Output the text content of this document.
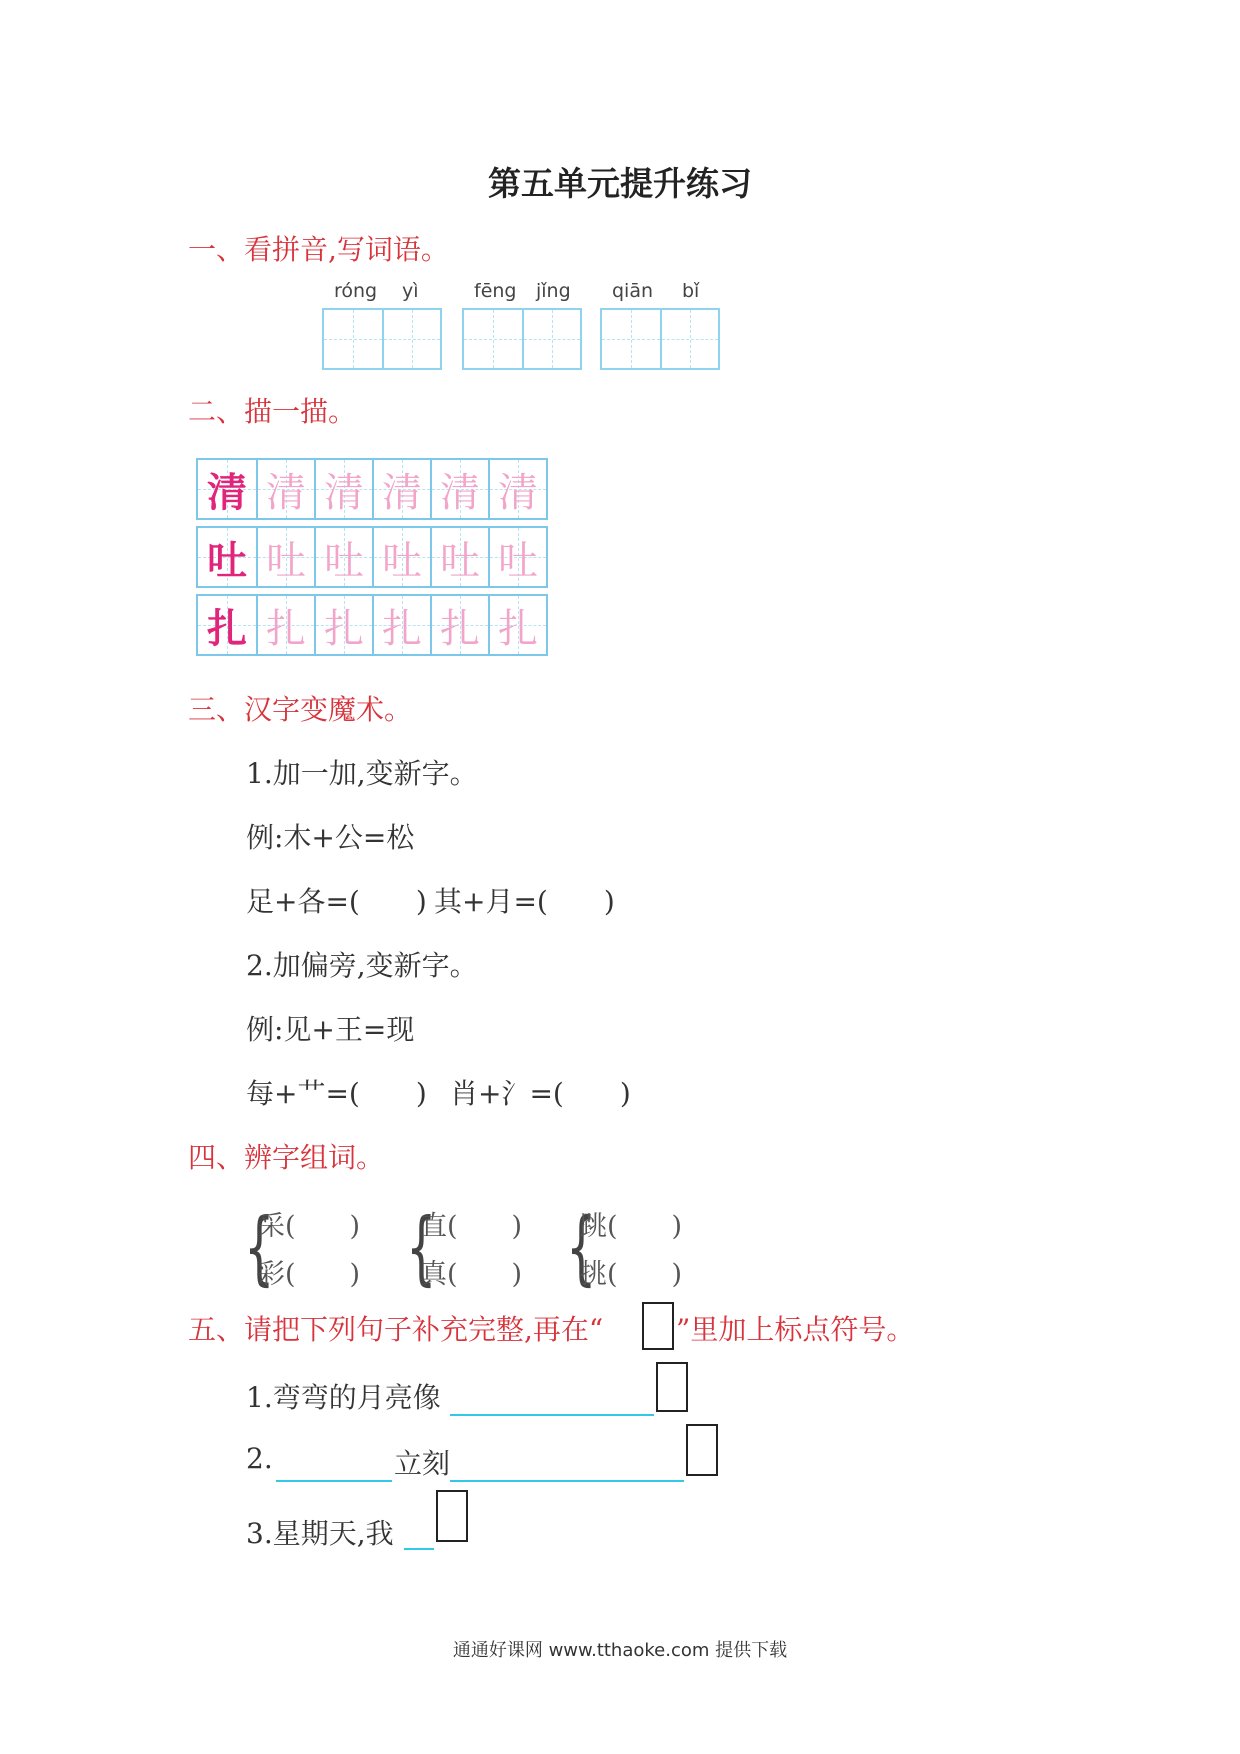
第五单元提升练习
一、看拼音,写词语。
róng yì	fēng jǐng qiān bǐ
二、描一描。
清 清 清 清 清 清
吐 吐 吐 吐 吐 吐
扎 扎 扎 扎 扎 扎
三、汉字变魔术。
1.加一加,变新字。
例:木+公=松
足+各=(　　) 其+月=(　　)
2.加偏旁,变新字。
例:见+王=现
每+艹=(　　) 肖+氵=(　　)
四、辨字组词。
{
采(　　)
彩(　　) {
直(　　)
真(　　) {
跳(　　)
挑(　　)
五、请把下列句子补充完整,再在“	”里加上标点符号。
1.弯弯的月亮像
2.	立刻
3.星期天,我
通通好课网 www.tthaoke.com 提供下载
